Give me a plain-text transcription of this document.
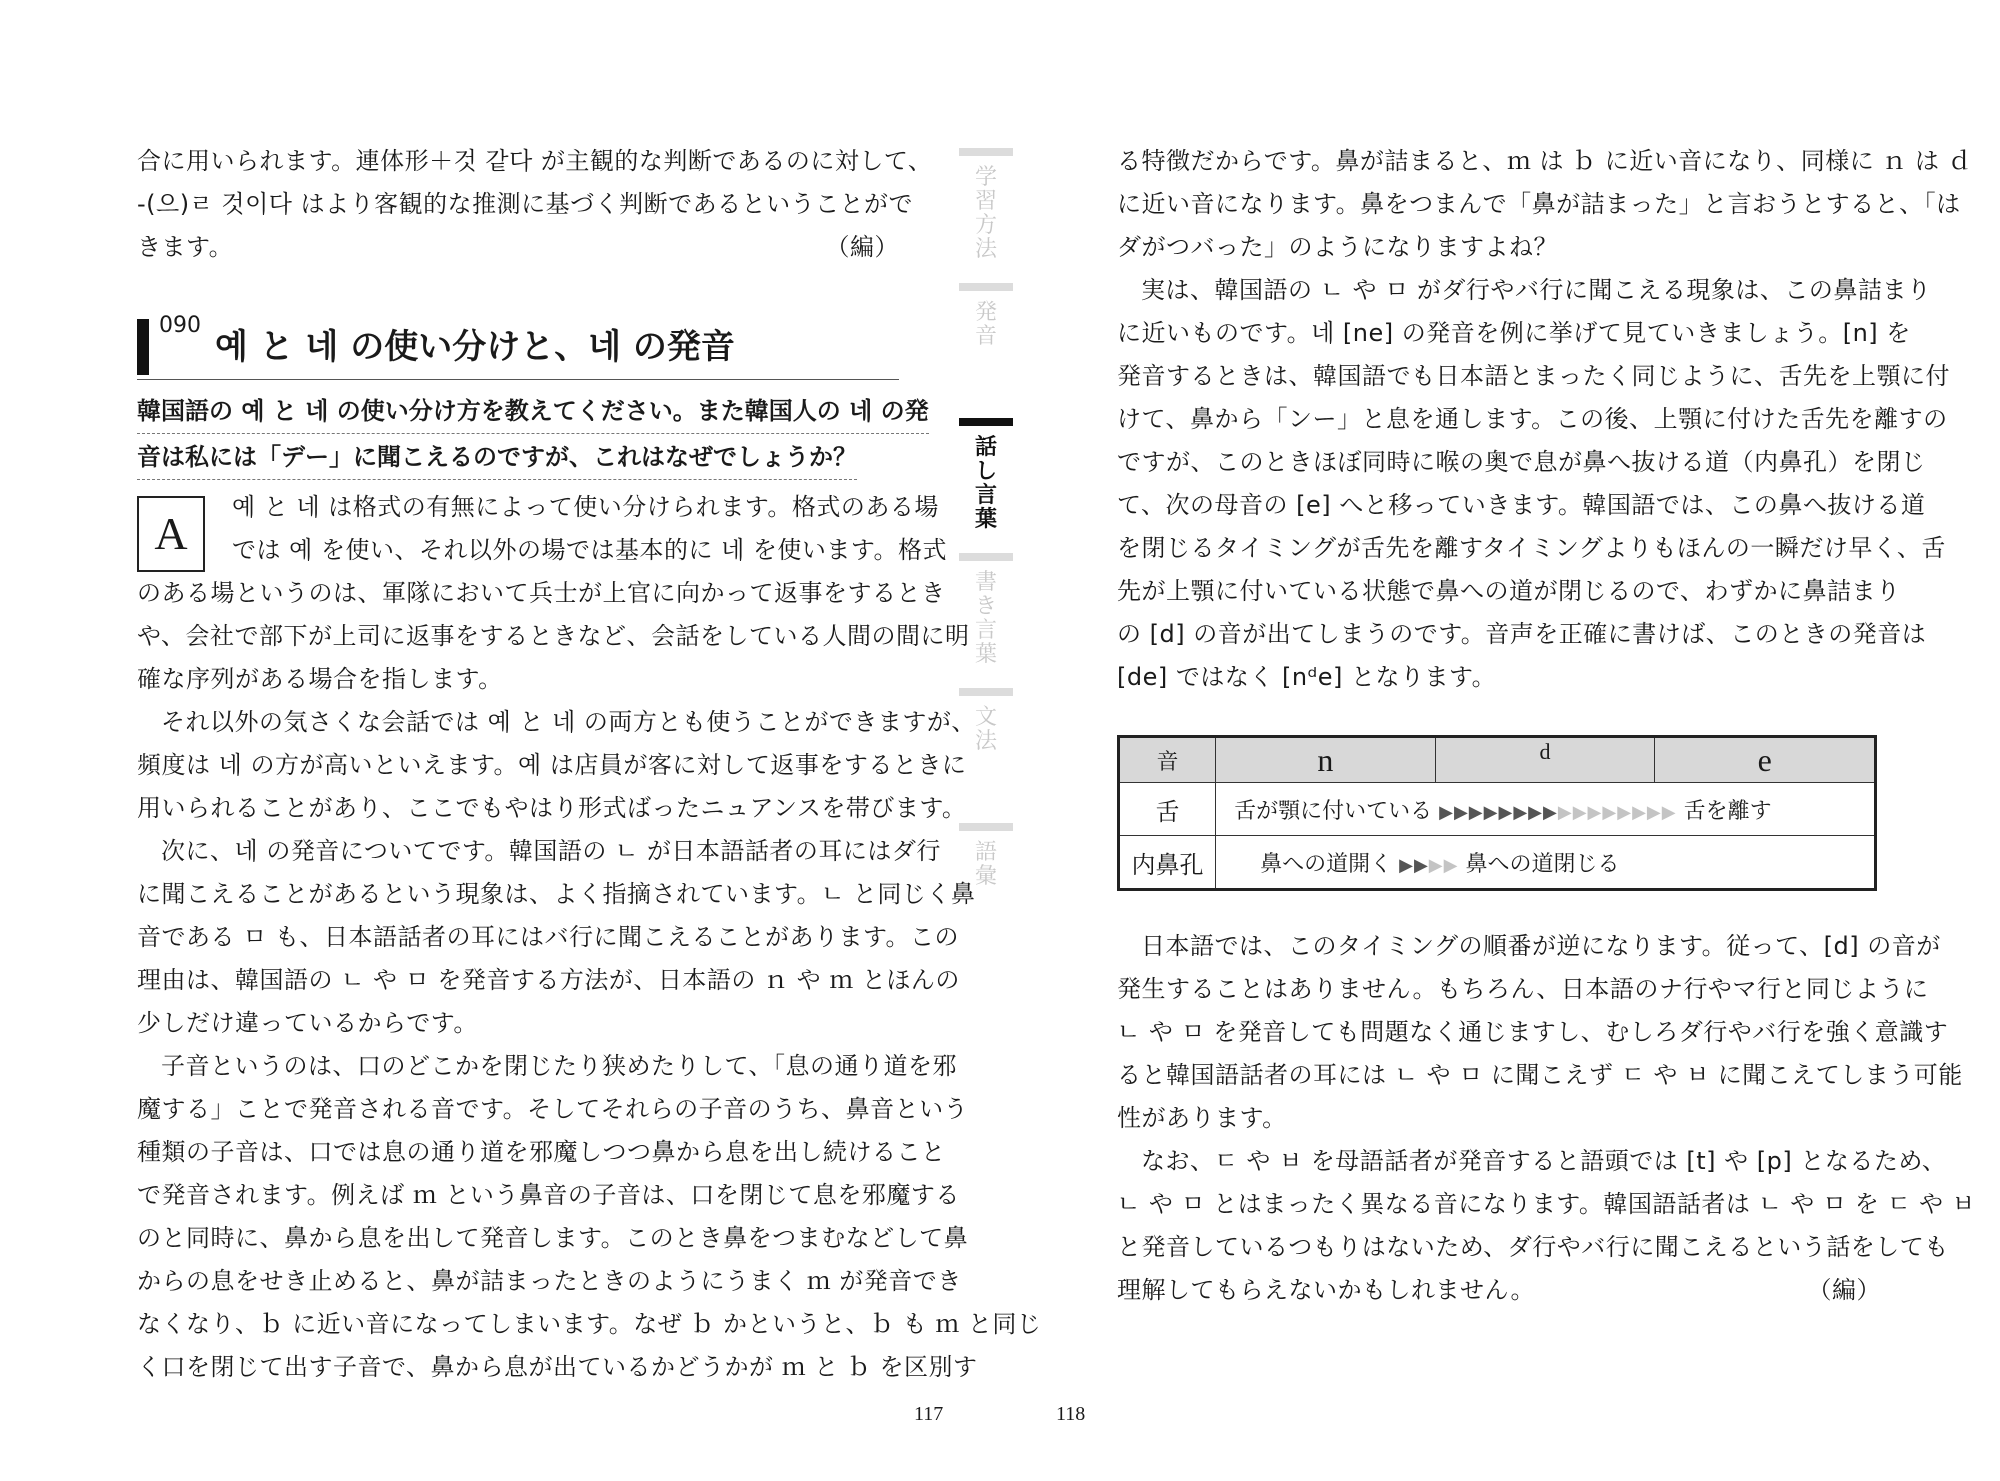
合に用いられます。連体形＋것 같다 が主観的な判断であるのに対して、
-(으)ㄹ 것이다 はより客観的な推測に基づく判断であるということがで
きます。	（編）
090
예 と 네 の使い分けと、네 の発音
韓国語の 예 と 네 の使い分け方を教えてください。また韓国人の 네 の発 音は私には「デー」に聞こえるのですが、これはなぜでしょうか？
A
예 と 네 は格式の有無によって使い分けられます。格式のある場
では 예 を使い、それ以外の場では基本的に 네 を使います。格式
のある場というのは、軍隊において兵士が上官に向かって返事をするとき
や、会社で部下が上司に返事をするときなど、会話をしている人間の間に明
確な序列がある場合を指します。
それ以外の気さくな会話では 예 と 네 の両方とも使うことができますが、
頻度は 네 の方が高いといえます。예 は店員が客に対して返事をするときに
用いられることがあり、ここでもやはり形式ばったニュアンスを帯びます。
次に、네 の発音についてです。韓国語の ㄴ が日本語話者の耳にはダ行
に聞こえることがあるという現象は、よく指摘されています。ㄴ と同じく鼻
音である ㅁ も、日本語話者の耳にはバ行に聞こえることがあります。この
理由は、韓国語の ㄴ や ㅁ を発音する方法が、日本語の ｎ や ｍ とほんの
少しだけ違っているからです。
子音というのは、口のどこかを閉じたり狭めたりして、「息の通り道を邪
魔する」ことで発音される音です。そしてそれらの子音のうち、鼻音という
種類の子音は、口では息の通り道を邪魔しつつ鼻から息を出し続けること
で発音されます。例えば ｍ という鼻音の子音は、口を閉じて息を邪魔する
のと同時に、鼻から息を出して発音します。このとき鼻をつまむなどして鼻
からの息をせき止めると、鼻が詰まったときのようにうまく ｍ が発音でき
なくなり、ｂ に近い音になってしまいます。なぜ ｂ かというと、ｂ も ｍ と同じ
く口を閉じて出す子音で、鼻から息が出ているかどうかが ｍ と ｂ を区別す
学習方法
発音
話し言葉
書き言葉
文法
語彙
る特徴だからです。鼻が詰まると、ｍ は ｂ に近い音になり、同様に ｎ は ｄ
に近い音になります。鼻をつまんで「鼻が詰まった」と言おうとすると、「は
ダがつバった」のようになりますよね？
実は、韓国語の ㄴ や ㅁ がダ行やバ行に聞こえる現象は、この鼻詰まり
に近いものです。네 [ne] の発音を例に挙げて見ていきましょう。[n] を
発音するときは、韓国語でも日本語とまったく同じように、舌先を上顎に付
けて、鼻から「ンー」と息を通します。この後、上顎に付けた舌先を離すの
ですが、このときほぼ同時に喉の奥で息が鼻へ抜ける道（内鼻孔）を閉じ
て、次の母音の [e] へと移っていきます。韓国語では、この鼻へ抜ける道
を閉じるタイミングが舌先を離すタイミングよりもほんの一瞬だけ早く、舌
先が上顎に付いている状態で鼻への道が閉じるので、わずかに鼻詰まり
の [d] の音が出てしまうのです。音声を正確に書けば、このときの発音は
[de] ではなく [nᵈe] となります。
音	n	d	e
舌	舌が顎に付いている ▶▶▶▶▶▶▶▶▶▶▶▶▶▶▶▶ 舌を離す		
内鼻孔	鼻への道開く ▶▶▶▶ 鼻への道閉じる		
日本語では、このタイミングの順番が逆になります。従って、[d] の音が
発生することはありません。もちろん、日本語のナ行やマ行と同じように
ㄴ や ㅁ を発音しても問題なく通じますし、むしろダ行やバ行を強く意識す
ると韓国語話者の耳には ㄴ や ㅁ に聞こえず ㄷ や ㅂ に聞こえてしまう可能
性があります。
なお、ㄷ や ㅂ を母語話者が発音すると語頭では [t] や [p] となるため、
ㄴ や ㅁ とはまったく異なる音になります。韓国語話者は ㄴ や ㅁ を ㄷ や ㅂ
と発音しているつもりはないため、ダ行やバ行に聞こえるという話をしても
理解してもらえないかもしれません。	（編）
117	118
